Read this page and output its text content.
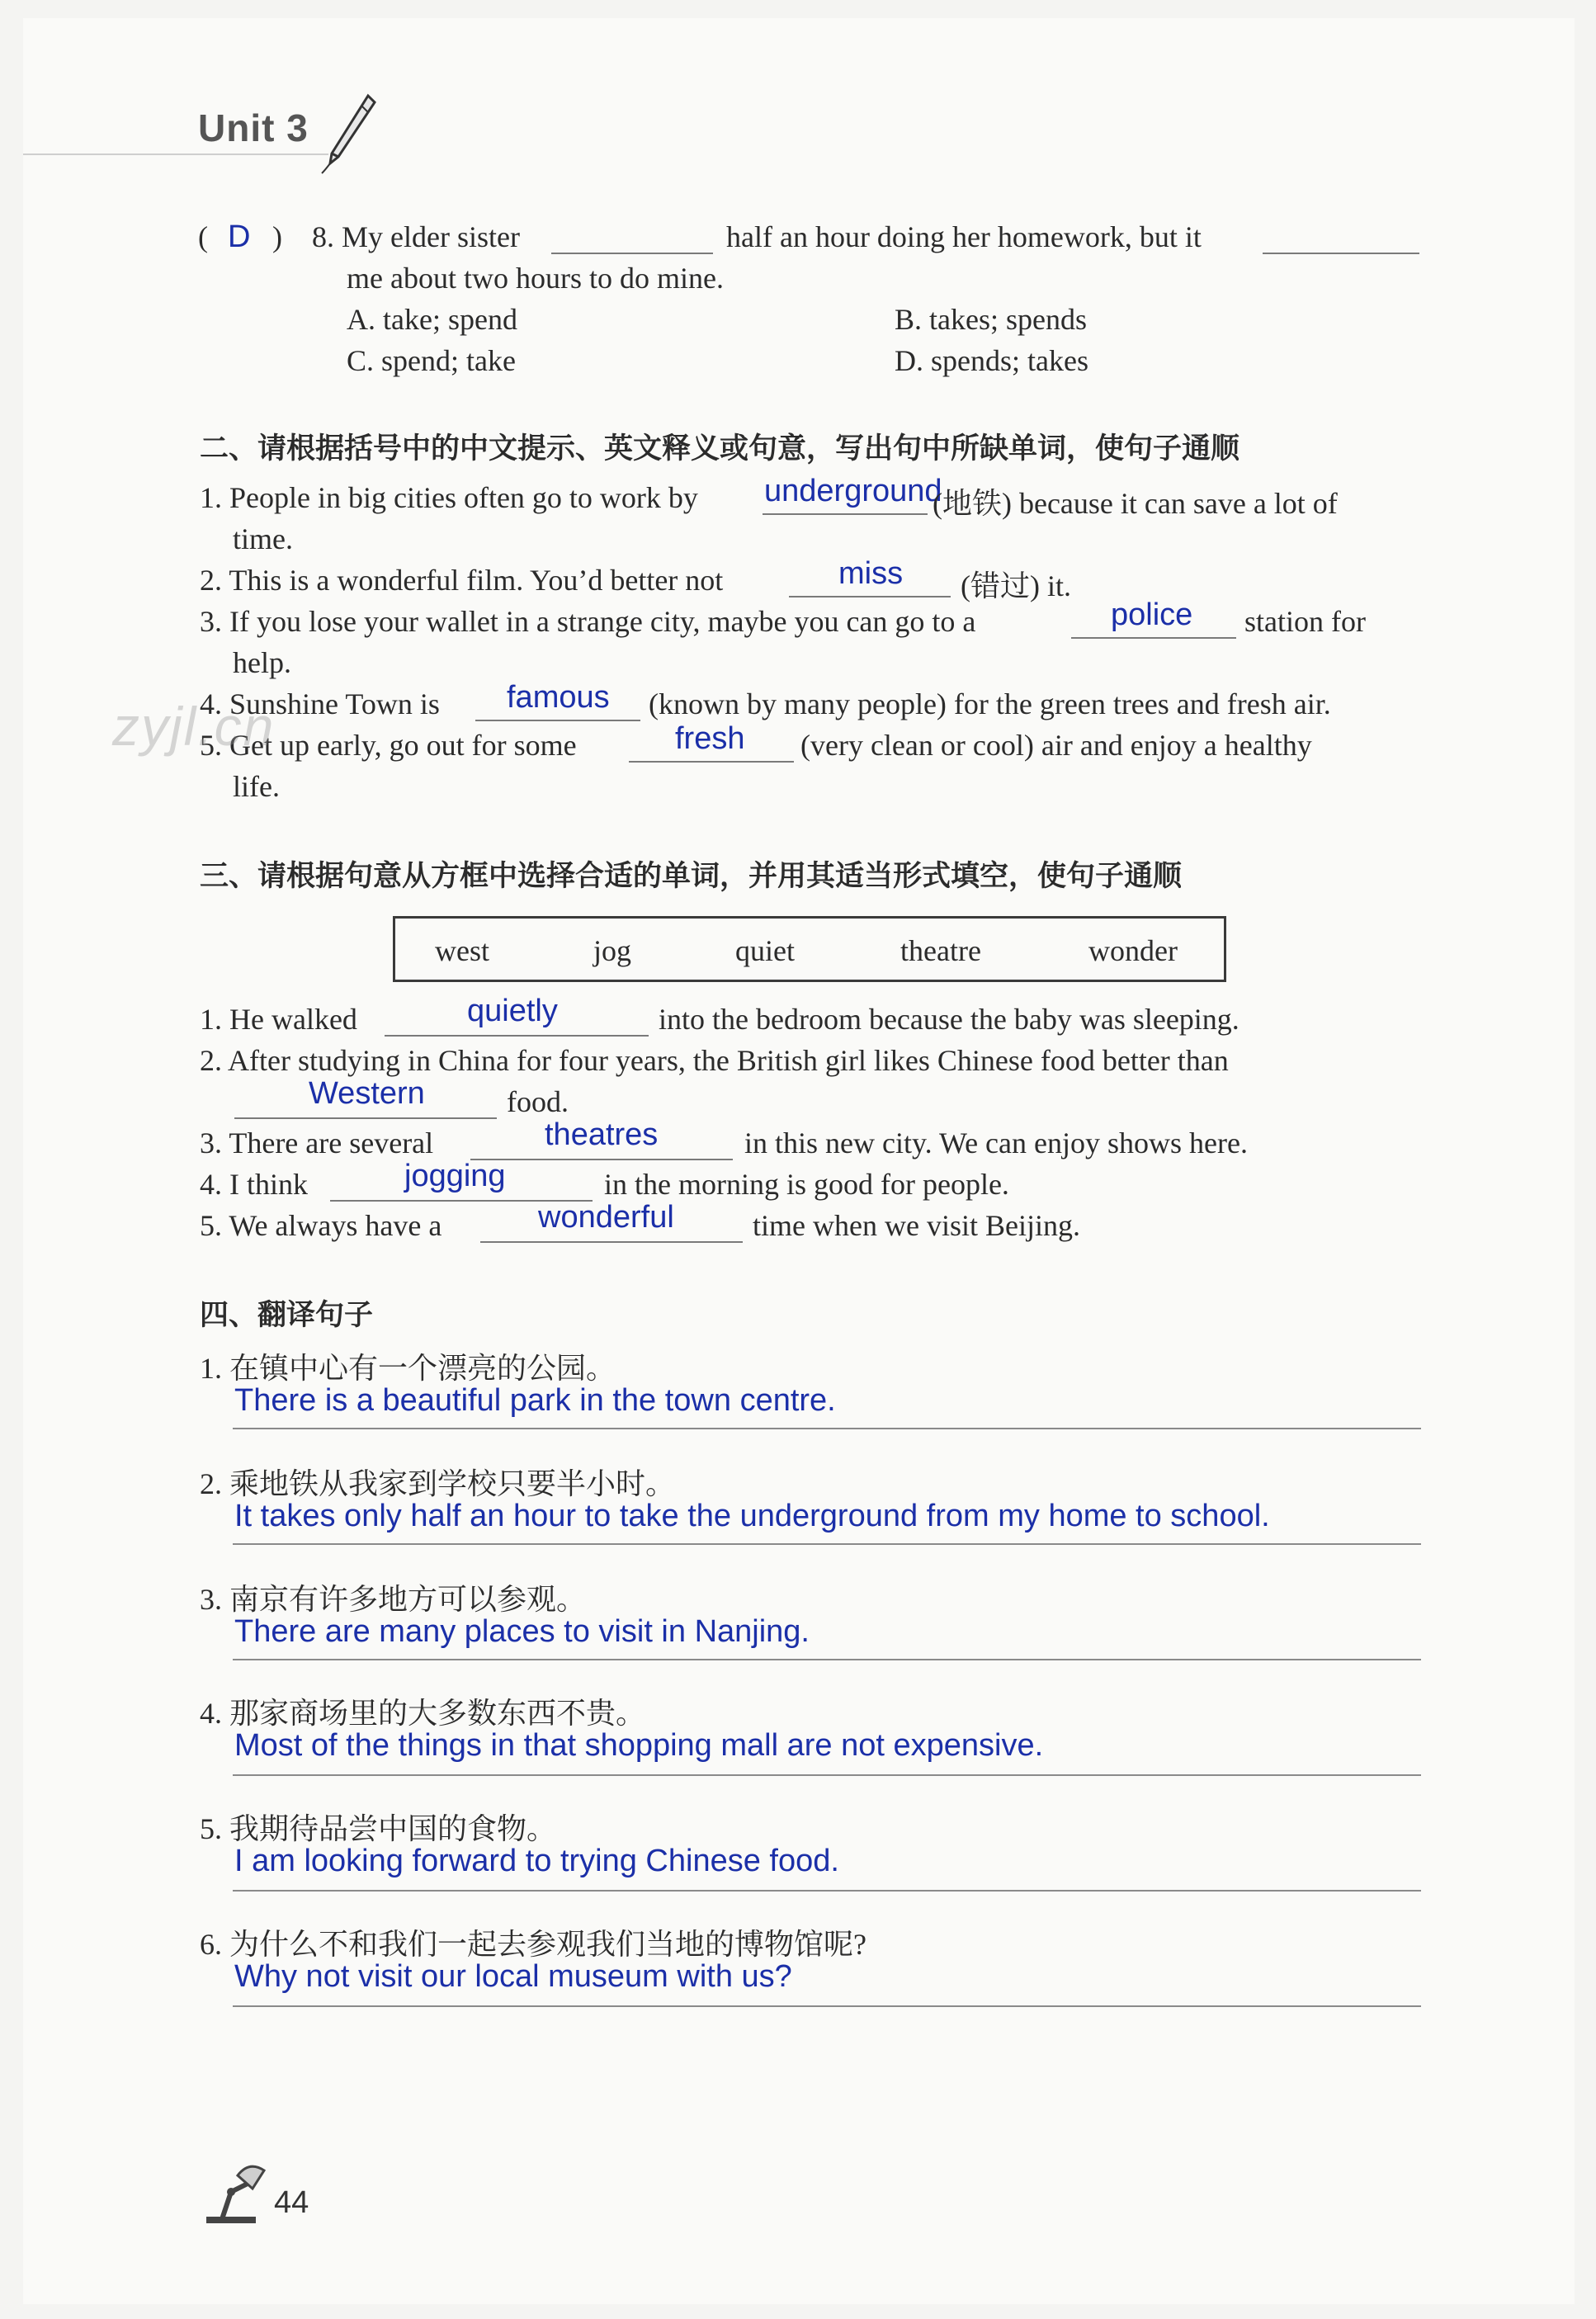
Unit 3
( D ) 8. My elder sister	half an hour doing her homework, but it
me about two hours to do mine.
A. take; spend	B. takes; spends
C. spend; take	D. spends; takes
二、请根据括号中的中文提示、英文释义或句意，写出句中所缺单词，使句子通顺
1. People in big cities often go to work by underground
(地铁) because it can save a lot of
time.
2. This is a wonderful film. You’d better not	miss (错过) it.
3. If you lose your wallet in a strange city, maybe you can go to a	police station for
help.
4. Sunshine Town is famous (known by many people) for the green trees and fresh air.
5. Get up early, go out for some	fresh (very clean or cool) air and enjoy a healthy
life.
zyjl.cn
三、请根据句意从方框中选择合适的单词，并用其适当形式填空，使句子通顺
west	jog	quiet	theatre	wonder
1. He walked	quietly	into the bedroom because the baby was sleeping.
2. After studying in China for four years, the British girl likes Chinese food better than
Western	food.
3. There are several	theatres	in this new city. We can enjoy shows here.
4. I think	jogging	in the morning is good for people.
5. We always have a	wonderful	time when we visit Beijing.
四、翻译句子
1. 在镇中心有一个漂亮的公园。
There is a beautiful park in the town centre.
2. 乘地铁从我家到学校只要半小时。
It takes only half an hour to take the underground from my home to school.
3. 南京有许多地方可以参观。
There are many places to visit in Nanjing.
4. 那家商场里的大多数东西不贵。
Most of the things in that shopping mall are not expensive.
5. 我期待品尝中国的食物。
I am looking forward to trying Chinese food.
6. 为什么不和我们一起去参观我们当地的博物馆呢?
Why not visit our local museum with us?
44
